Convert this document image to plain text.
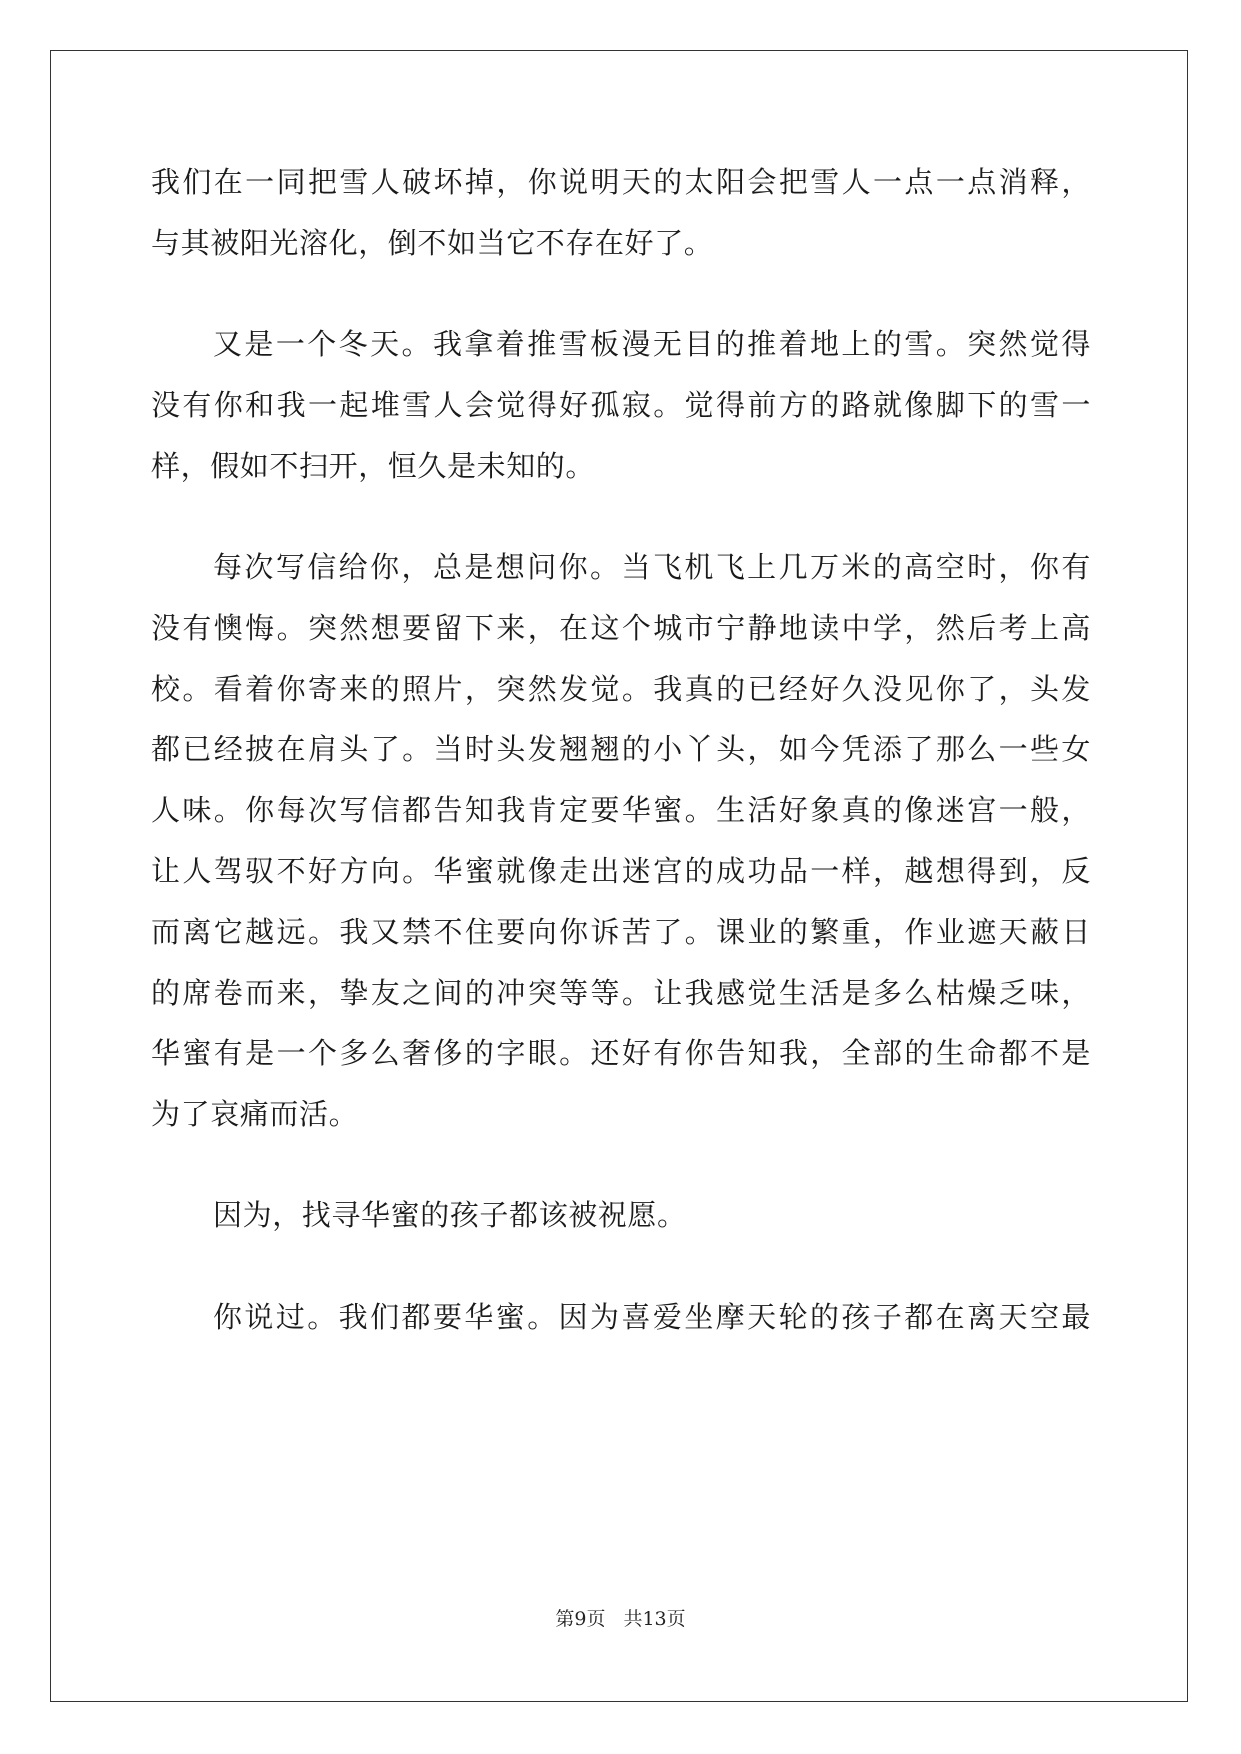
我们在一同把雪人破坏掉，你说明天的太阳会把雪人一点一点消释，
与其被阳光溶化，倒不如当它不存在好了。
又是一个冬天。我拿着推雪板漫无目的推着地上的雪。突然觉得
没有你和我一起堆雪人会觉得好孤寂。觉得前方的路就像脚下的雪一
样，假如不扫开，恒久是未知的。
每次写信给你，总是想问你。当飞机飞上几万米的高空时，你有
没有懊悔。突然想要留下来，在这个城市宁静地读中学，然后考上高
校。看着你寄来的照片，突然发觉。我真的已经好久没见你了，头发
都已经披在肩头了。当时头发翘翘的小丫头，如今凭添了那么一些女
人味。你每次写信都告知我肯定要华蜜。生活好象真的像迷宫一般，
让人驾驭不好方向。华蜜就像走出迷宫的成功品一样，越想得到，反
而离它越远。我又禁不住要向你诉苦了。课业的繁重，作业遮天蔽日
的席卷而来，挚友之间的冲突等等。让我感觉生活是多么枯燥乏味，
华蜜有是一个多么奢侈的字眼。还好有你告知我，全部的生命都不是
为了哀痛而活。
因为，找寻华蜜的孩子都该被祝愿。
你说过。我们都要华蜜。因为喜爱坐摩天轮的孩子都在离天空最
第9页 共13页
